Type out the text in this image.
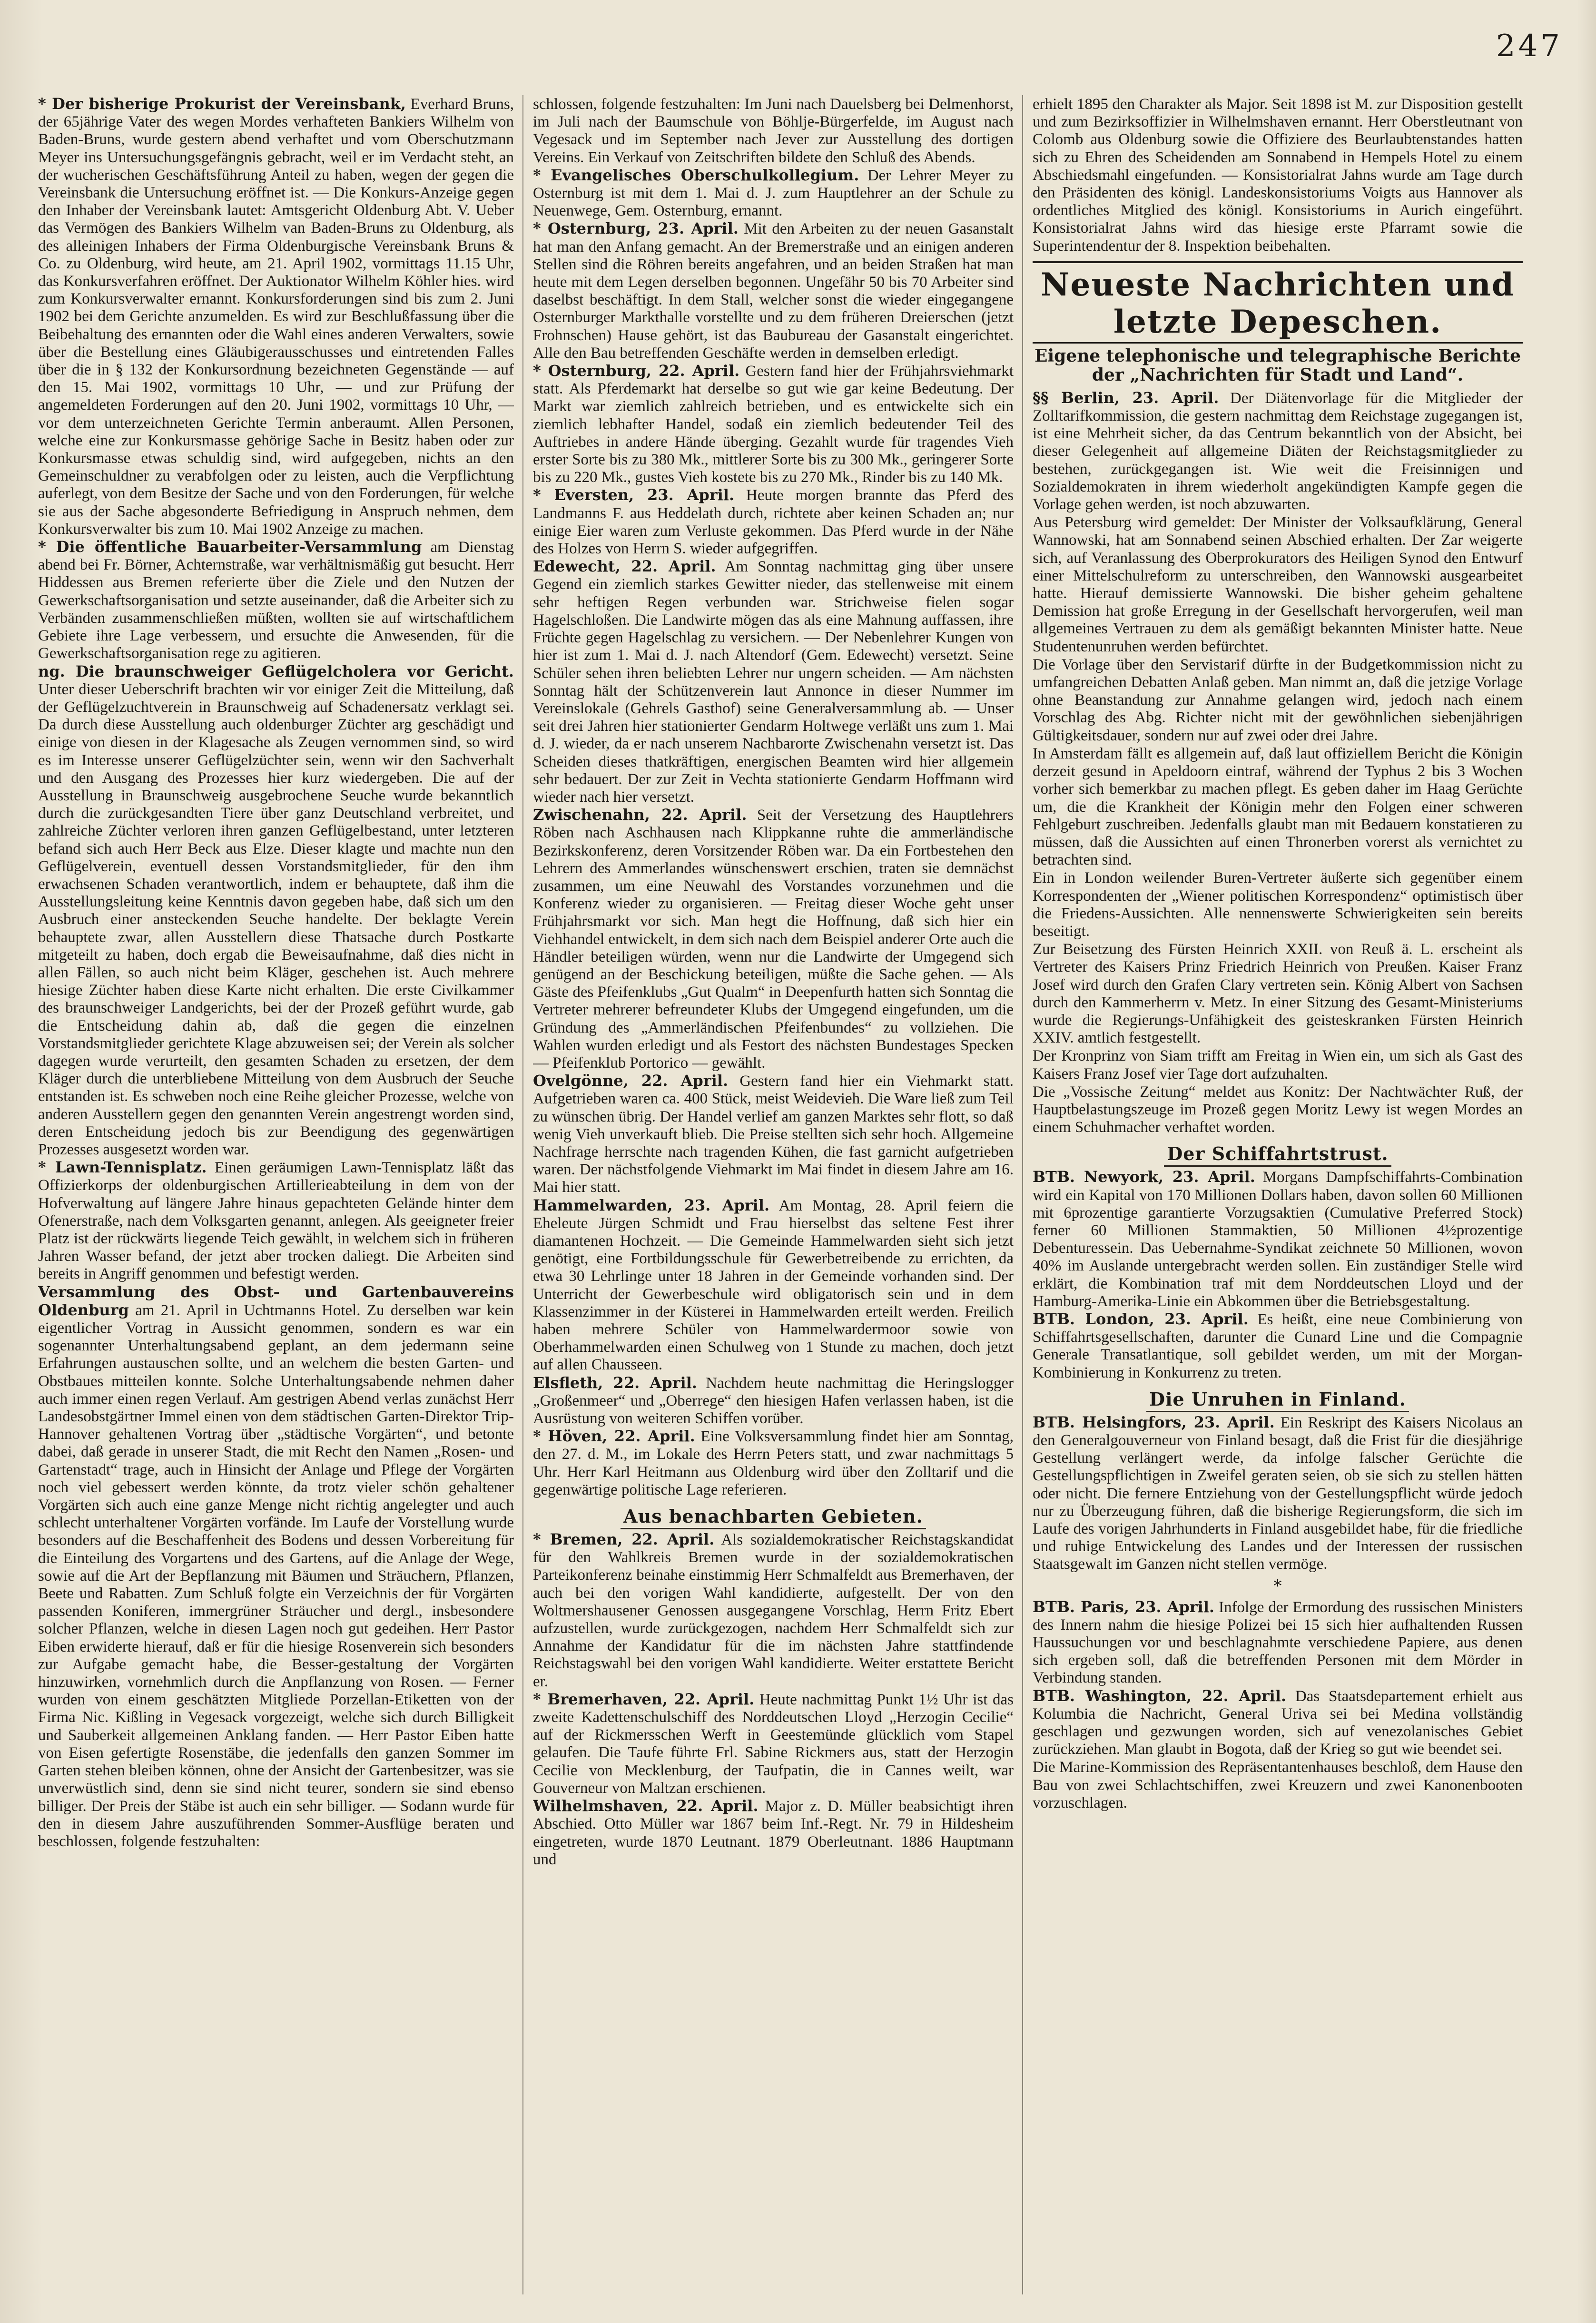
247

* Der bisherige Prokurist der Vereinsbank, Everhard Bruns, der 65jährige Vater des wegen Mordes verhafteten Bankiers Wilhelm von Baden-Bruns, wurde gestern abend verhaftet und vom Oberschutzmann Meyer ins Untersuchungsgefängnis gebracht, weil er im Verdacht steht, an der wucherischen Geschäftsführung Anteil zu haben, wegen der gegen die Vereinsbank die Untersuchung eröffnet ist. — Die Konkurs-Anzeige gegen den Inhaber der Vereinsbank lautet: Amtsgericht Oldenburg Abt. V. Ueber das Vermögen des Bankiers Wilhelm van Baden-Bruns zu Oldenburg, als des alleinigen Inhabers der Firma Oldenburgische Vereinsbank Bruns & Co. zu Oldenburg, wird heute, am 21. April 1902, vormittags 11.15 Uhr, das Konkursverfahren eröffnet. Der Auktionator Wilhelm Köhler hies. wird zum Konkursverwalter ernannt. Konkursforderungen sind bis zum 2. Juni 1902 bei dem Gerichte anzumelden. Es wird zur Beschlußfassung über die Beibehaltung des ernannten oder die Wahl eines anderen Verwalters, sowie über die Bestellung eines Gläubigerausschusses und eintretenden Falles über die in § 132 der Konkursordnung bezeichneten Gegenstände — auf den 15. Mai 1902, vormittags 10 Uhr, — und zur Prüfung der angemeldeten Forderungen auf den 20. Juni 1902, vormittags 10 Uhr, — vor dem unterzeichneten Gerichte Termin anberaumt. Allen Personen, welche eine zur Konkursmasse gehörige Sache in Besitz haben oder zur Konkursmasse etwas schuldig sind, wird aufgegeben, nichts an den Gemeinschuldner zu verabfolgen oder zu leisten, auch die Verpflichtung auferlegt, von dem Besitze der Sache und von den Forderungen, für welche sie aus der Sache abgesonderte Befriedigung in Anspruch nehmen, dem Konkursverwalter bis zum 10. Mai 1902 Anzeige zu machen.

* Die öffentliche Bauarbeiter-Versammlung am Dienstag abend bei Fr. Börner, Achternstraße, war verhältnismäßig gut besucht. Herr Hiddessen aus Bremen referierte über die Ziele und den Nutzen der Gewerkschaftsorganisation und setzte auseinander, daß die Arbeiter sich zu Verbänden zusammenschließen müßten, wollten sie auf wirtschaftlichem Gebiete ihre Lage verbessern, und ersuchte die Anwesenden, für die Gewerkschaftsorganisation rege zu agitieren.

ng. Die braunschweiger Geflügelcholera vor Gericht. Unter dieser Ueberschrift brachten wir vor einiger Zeit die Mitteilung, daß der Geflügelzuchtverein in Braunschweig auf Schadenersatz verklagt sei. Da durch diese Ausstellung auch oldenburger Züchter arg geschädigt und einige von diesen in der Klagesache als Zeugen vernommen sind, so wird es im Interesse unserer Geflügelzüchter sein, wenn wir den Sachverhalt und den Ausgang des Prozesses hier kurz wiedergeben. Die auf der Ausstellung in Braunschweig ausgebrochene Seuche wurde bekanntlich durch die zurückgesandten Tiere über ganz Deutschland verbreitet, und zahlreiche Züchter verloren ihren ganzen Geflügelbestand, unter letzteren befand sich auch Herr Beck aus Elze. Dieser klagte und machte nun den Geflügelverein, eventuell dessen Vorstandsmitglieder, für den ihm erwachsenen Schaden verantwortlich, indem er behauptete, daß ihm die Ausstellungsleitung keine Kenntnis davon gegeben habe, daß sich um den Ausbruch einer ansteckenden Seuche handelte. Der beklagte Verein behauptete zwar, allen Ausstellern diese Thatsache durch Postkarte mitgeteilt zu haben, doch ergab die Beweisaufnahme, daß dies nicht in allen Fällen, so auch nicht beim Kläger, geschehen ist. Auch mehrere hiesige Züchter haben diese Karte nicht erhalten. Die erste Civilkammer des braunschweiger Landgerichts, bei der der Prozeß geführt wurde, gab die Entscheidung dahin ab, daß die gegen die einzelnen Vorstandsmitglieder gerichtete Klage abzuweisen sei; der Verein als solcher dagegen wurde verurteilt, den gesamten Schaden zu ersetzen, der dem Kläger durch die unterbliebene Mitteilung von dem Ausbruch der Seuche entstanden ist. Es schweben noch eine Reihe gleicher Prozesse, welche von anderen Ausstellern gegen den genannten Verein angestrengt worden sind, deren Entscheidung jedoch bis zur Beendigung des gegenwärtigen Prozesses ausgesetzt worden war.

* Lawn-Tennisplatz. Einen geräumigen Lawn-Tennisplatz läßt das Offizierkorps der oldenburgischen Artillerieabteilung in dem von der Hofverwaltung auf längere Jahre hinaus gepachteten Gelände hinter dem Ofenerstraße, nach dem Volksgarten genannt, anlegen. Als geeigneter freier Platz ist der rückwärts liegende Teich gewählt, in welchem sich in früheren Jahren Wasser befand, der jetzt aber trocken daliegt. Die Arbeiten sind bereits in Angriff genommen und befestigt werden.

Versammlung des Obst- und Gartenbauvereins Oldenburg am 21. April in Uchtmanns Hotel. Zu derselben war kein eigentlicher Vortrag in Aussicht genommen, sondern es war ein sogenannter Unterhaltungsabend geplant, an dem jedermann seine Erfahrungen austauschen sollte, und an welchem die besten Garten- und Obstbaues mitteilen konnte. Solche Unterhaltungsabende nehmen daher auch immer einen regen Verlauf. Am gestrigen Abend verlas zunächst Herr Landesobstgärtner Immel einen von dem städtischen Garten-Direktor Trip-Hannover gehaltenen Vortrag über „städtische Vorgärten“, und betonte dabei, daß gerade in unserer Stadt, die mit Recht den Namen „Rosen- und Gartenstadt“ trage, auch in Hinsicht der Anlage und Pflege der Vorgärten noch viel gebessert werden könnte, da trotz vieler schön gehaltener Vorgärten sich auch eine ganze Menge nicht richtig angelegter und auch schlecht unterhaltener Vorgärten vorfände. Im Laufe der Vorstellung wurde besonders auf die Beschaffenheit des Bodens und dessen Vorbereitung für die Einteilung des Vorgartens und des Gartens, auf die Anlage der Wege, sowie auf die Art der Bepflanzung mit Bäumen und Sträuchern, Pflanzen, Beete und Rabatten. Zum Schluß folgte ein Verzeichnis der für Vorgärten passenden Koniferen, immergrüner Sträucher und dergl., insbesondere solcher Pflanzen, welche in diesen Lagen noch gut gedeihen. Herr Pastor Eiben erwiderte hierauf, daß er für die hiesige Rosenverein sich besonders zur Aufgabe gemacht habe, die Besser-gestaltung der Vorgärten hinzuwirken, vornehmlich durch die Anpflanzung von Rosen. — Ferner wurden von einem geschätzten Mitgliede Porzellan-Etiketten von der Firma Nic. Kißling in Vegesack vorgezeigt, welche sich durch Billigkeit und Sauberkeit allgemeinen Anklang fanden. — Herr Pastor Eiben hatte von Eisen gefertigte Rosenstäbe, die jedenfalls den ganzen Sommer im Garten stehen bleiben können, ohne der Ansicht der Gartenbesitzer, was sie unverwüstlich sind, denn sie sind nicht teurer, sondern sie sind ebenso billiger. Der Preis der Stäbe ist auch ein sehr billiger. — Sodann wurde für den in diesem Jahre auszuführenden Sommer-Ausflüge beraten und beschlossen, folgende festzuhalten:

schlossen, folgende festzuhalten: Im Juni nach Dauelsberg bei Delmenhorst, im Juli nach der Baumschule von Böhlje-Bürgerfelde, im August nach Vegesack und im September nach Jever zur Ausstellung des dortigen Vereins. Ein Verkauf von Zeitschriften bildete den Schluß des Abends.

* Evangelisches Oberschulkollegium. Der Lehrer Meyer zu Osternburg ist mit dem 1. Mai d. J. zum Hauptlehrer an der Schule zu Neuenwege, Gem. Osternburg, ernannt.

* Osternburg, 23. April. Mit den Arbeiten zu der neuen Gasanstalt hat man den Anfang gemacht. An der Bremerstraße und an einigen anderen Stellen sind die Röhren bereits angefahren, und an beiden Straßen hat man heute mit dem Legen derselben begonnen. Ungefähr 50 bis 70 Arbeiter sind daselbst beschäftigt. In dem Stall, welcher sonst die wieder eingegangene Osternburger Markthalle vorstellte und zu dem früheren Dreierschen (jetzt Frohnschen) Hause gehört, ist das Baubureau der Gasanstalt eingerichtet. Alle den Bau betreffenden Geschäfte werden in demselben erledigt.

* Osternburg, 22. April. Gestern fand hier der Frühjahrsviehmarkt statt. Als Pferdemarkt hat derselbe so gut wie gar keine Bedeutung. Der Markt war ziemlich zahlreich betrieben, und es entwickelte sich ein ziemlich lebhafter Handel, sodaß ein ziemlich bedeutender Teil des Auftriebes in andere Hände überging. Gezahlt wurde für tragendes Vieh erster Sorte bis zu 380 Mk., mittlerer Sorte bis zu 300 Mk., geringerer Sorte bis zu 220 Mk., gustes Vieh kostete bis zu 270 Mk., Rinder bis zu 140 Mk.

* Eversten, 23. April. Heute morgen brannte das Pferd des Landmanns F. aus Heddelath durch, richtete aber keinen Schaden an; nur einige Eier waren zum Verluste gekommen. Das Pferd wurde in der Nähe des Holzes von Herrn S. wieder aufgegriffen.

Edewecht, 22. April. Am Sonntag nachmittag ging über unsere Gegend ein ziemlich starkes Gewitter nieder, das stellenweise mit einem sehr heftigen Regen verbunden war. Strichweise fielen sogar Hagelschloßen. Die Landwirte mögen das als eine Mahnung auffassen, ihre Früchte gegen Hagelschlag zu versichern. — Der Nebenlehrer Kungen von hier ist zum 1. Mai d. J. nach Altendorf (Gem. Edewecht) versetzt. Seine Schüler sehen ihren beliebten Lehrer nur ungern scheiden. — Am nächsten Sonntag hält der Schützenverein laut Annonce in dieser Nummer im Vereinslokale (Gehrels Gasthof) seine Generalversammlung ab. — Unser seit drei Jahren hier stationierter Gendarm Holtwege verläßt uns zum 1. Mai d. J. wieder, da er nach unserem Nachbarorte Zwischenahn versetzt ist. Das Scheiden dieses thatkräftigen, energischen Beamten wird hier allgemein sehr bedauert. Der zur Zeit in Vechta stationierte Gendarm Hoffmann wird wieder nach hier versetzt.

Zwischenahn, 22. April. Seit der Versetzung des Hauptlehrers Röben nach Aschhausen nach Klippkanne ruhte die ammerländische Bezirkskonferenz, deren Vorsitzender Röben war. Da ein Fortbestehen den Lehrern des Ammerlandes wünschenswert erschien, traten sie demnächst zusammen, um eine Neuwahl des Vorstandes vorzunehmen und die Konferenz wieder zu organisieren. — Freitag dieser Woche geht unser Frühjahrsmarkt vor sich. Man hegt die Hoffnung, daß sich hier ein Viehhandel entwickelt, in dem sich nach dem Beispiel anderer Orte auch die Händler beteiligen würden, wenn nur die Landwirte der Umgegend sich genügend an der Beschickung beteiligen, müßte die Sache gehen. — Als Gäste des Pfeifenklubs „Gut Qualm“ in Deepenfurth hatten sich Sonntag die Vertreter mehrerer befreundeter Klubs der Umgegend eingefunden, um die Gründung des „Ammerländischen Pfeifenbundes“ zu vollziehen. Die Wahlen wurden erledigt und als Festort des nächsten Bundestages Specken — Pfeifenklub Portorico — gewählt.

Ovelgönne, 22. April. Gestern fand hier ein Viehmarkt statt. Aufgetrieben waren ca. 400 Stück, meist Weidevieh. Die Ware ließ zum Teil zu wünschen übrig. Der Handel verlief am ganzen Marktes sehr flott, so daß wenig Vieh unverkauft blieb. Die Preise stellten sich sehr hoch. Allgemeine Nachfrage herrschte nach tragenden Kühen, die fast garnicht aufgetrieben waren. Der nächstfolgende Viehmarkt im Mai findet in diesem Jahre am 16. Mai hier statt.

Hammelwarden, 23. April. Am Montag, 28. April feiern die Eheleute Jürgen Schmidt und Frau hierselbst das seltene Fest ihrer diamantenen Hochzeit. — Die Gemeinde Hammelwarden sieht sich jetzt genötigt, eine Fortbildungsschule für Gewerbetreibende zu errichten, da etwa 30 Lehrlinge unter 18 Jahren in der Gemeinde vorhanden sind. Der Unterricht der Gewerbeschule wird obligatorisch sein und in dem Klassenzimmer in der Küsterei in Hammelwarden erteilt werden. Freilich haben mehrere Schüler von Hammelwardermoor sowie von Oberhammelwarden einen Schulweg von 1 Stunde zu machen, doch jetzt auf allen Chausseen.

Elsfleth, 22. April. Nachdem heute nachmittag die Heringslogger „Großenmeer“ und „Oberrege“ den hiesigen Hafen verlassen haben, ist die Ausrüstung von weiteren Schiffen vorüber.

* Höven, 22. April. Eine Volksversammlung findet hier am Sonntag, den 27. d. M., im Lokale des Herrn Peters statt, und zwar nachmittags 5 Uhr. Herr Karl Heitmann aus Oldenburg wird über den Zolltarif und die gegenwärtige politische Lage referieren.

Aus benachbarten Gebieten.

* Bremen, 22. April. Als sozialdemokratischer Reichstagskandidat für den Wahlkreis Bremen wurde in der sozialdemokratischen Parteikonferenz beinahe einstimmig Herr Schmalfeldt aus Bremerhaven, der auch bei den vorigen Wahl kandidierte, aufgestellt. Der von den Woltmershausener Genossen ausgegangene Vorschlag, Herrn Fritz Ebert aufzustellen, wurde zurückgezogen, nachdem Herr Schmalfeldt sich zur Annahme der Kandidatur für die im nächsten Jahre stattfindende Reichstagswahl bei den vorigen Wahl kandidierte. Weiter erstattete Bericht er.

* Bremerhaven, 22. April. Heute nachmittag Punkt 1½ Uhr ist das zweite Kadettenschulschiff des Norddeutschen Lloyd „Herzogin Cecilie“ auf der Rickmersschen Werft in Geestemünde glücklich vom Stapel gelaufen. Die Taufe führte Frl. Sabine Rickmers aus, statt der Herzogin Cecilie von Mecklenburg, der Taufpatin, die in Cannes weilt, war Gouverneur von Maltzan erschienen.

Wilhelmshaven, 22. April. Major z. D. Müller beabsichtigt ihren Abschied. Otto Müller war 1867 beim Inf.-Regt. Nr. 79 in Hildesheim eingetreten, wurde 1870 Leutnant. 1879 Oberleutnant. 1886 Hauptmann und

erhielt 1895 den Charakter als Major. Seit 1898 ist M. zur Disposition gestellt und zum Bezirksoffizier in Wilhelmshaven ernannt. Herr Oberstleutnant von Colomb aus Oldenburg sowie die Offiziere des Beurlaubtenstandes hatten sich zu Ehren des Scheidenden am Sonnabend in Hempels Hotel zu einem Abschiedsmahl eingefunden. — Konsistorialrat Jahns wurde am Tage durch den Präsidenten des königl. Landeskonsistoriums Voigts aus Hannover als ordentliches Mitglied des königl. Konsistoriums in Aurich eingeführt. Konsistorialrat Jahns wird das hiesige erste Pfarramt sowie die Superintendentur der 8. Inspektion beibehalten.

Neueste Nachrichten und letzte Depeschen.
Eigene telephonische und telegraphische Berichte der „Nachrichten für Stadt und Land“.

§§ Berlin, 23. April. Der Diätenvorlage für die Mitglieder der Zolltarifkommission, die gestern nachmittag dem Reichstage zugegangen ist, ist eine Mehrheit sicher, da das Centrum bekanntlich von der Absicht, bei dieser Gelegenheit auf allgemeine Diäten der Reichstagsmitglieder zu bestehen, zurückgegangen ist. Wie weit die Freisinnigen und Sozialdemokraten in ihrem wiederholt angekündigten Kampfe gegen die Vorlage gehen werden, ist noch abzuwarten.

Aus Petersburg wird gemeldet: Der Minister der Volksaufklärung, General Wannowski, hat am Sonnabend seinen Abschied erhalten. Der Zar weigerte sich, auf Veranlassung des Oberprokurators des Heiligen Synod den Entwurf einer Mittelschulreform zu unterschreiben, den Wannowski ausgearbeitet hatte. Hierauf demissierte Wannowski. Die bisher geheim gehaltene Demission hat große Erregung in der Gesellschaft hervorgerufen, weil man allgemeines Vertrauen zu dem als gemäßigt bekannten Minister hatte. Neue Studentenunruhen werden befürchtet.

Die Vorlage über den Servistarif dürfte in der Budgetkommission nicht zu umfangreichen Debatten Anlaß geben. Man nimmt an, daß die jetzige Vorlage ohne Beanstandung zur Annahme gelangen wird, jedoch nach einem Vorschlag des Abg. Richter nicht mit der gewöhnlichen siebenjährigen Gültigkeitsdauer, sondern nur auf zwei oder drei Jahre.

In Amsterdam fällt es allgemein auf, daß laut offiziellem Bericht die Königin derzeit gesund in Apeldoorn eintraf, während der Typhus 2 bis 3 Wochen vorher sich bemerkbar zu machen pflegt. Es geben daher im Haag Gerüchte um, die die Krankheit der Königin mehr den Folgen einer schweren Fehlgeburt zuschreiben. Jedenfalls glaubt man mit Bedauern konstatieren zu müssen, daß die Aussichten auf einen Thronerben vorerst als vernichtet zu betrachten sind.

Ein in London weilender Buren-Vertreter äußerte sich gegenüber einem Korrespondenten der „Wiener politischen Korrespondenz“ optimistisch über die Friedens-Aussichten. Alle nennenswerte Schwierigkeiten sein bereits beseitigt.

Zur Beisetzung des Fürsten Heinrich XXII. von Reuß ä. L. erscheint als Vertreter des Kaisers Prinz Friedrich Heinrich von Preußen. Kaiser Franz Josef wird durch den Grafen Clary vertreten sein. König Albert von Sachsen durch den Kammerherrn v. Metz. In einer Sitzung des Gesamt-Ministeriums wurde die Regierungs-Unfähigkeit des geisteskranken Fürsten Heinrich XXIV. amtlich festgestellt.

Der Kronprinz von Siam trifft am Freitag in Wien ein, um sich als Gast des Kaisers Franz Josef vier Tage dort aufzuhalten.

Die „Vossische Zeitung“ meldet aus Konitz: Der Nachtwächter Ruß, der Hauptbelastungszeuge im Prozeß gegen Moritz Lewy ist wegen Mordes an einem Schuhmacher verhaftet worden.

Der Schiffahrtstrust.

BTB. Newyork, 23. April. Morgans Dampfschiffahrts-Combination wird ein Kapital von 170 Millionen Dollars haben, davon sollen 60 Millionen mit 6prozentige garantierte Vorzugsaktien (Cumulative Preferred Stock) ferner 60 Millionen Stammaktien, 50 Millionen 4½prozentige Debenturessein. Das Uebernahme-Syndikat zeichnete 50 Millionen, wovon 40% im Auslande untergebracht werden sollen. Ein zuständiger Stelle wird erklärt, die Kombination traf mit dem Norddeutschen Lloyd und der Hamburg-Amerika-Linie ein Abkommen über die Betriebsgestaltung.

BTB. London, 23. April. Es heißt, eine neue Combinierung von Schiffahrtsgesellschaften, darunter die Cunard Line und die Compagnie Generale Transatlantique, soll gebildet werden, um mit der Morgan-Kombinierung in Konkurrenz zu treten.

Die Unruhen in Finland.

BTB. Helsingfors, 23. April. Ein Reskript des Kaisers Nicolaus an den Generalgouverneur von Finland besagt, daß die Frist für die diesjährige Gestellung verlängert werde, da infolge falscher Gerüchte die Gestellungspflichtigen in Zweifel geraten seien, ob sie sich zu stellen hätten oder nicht. Die fernere Entziehung von der Gestellungspflicht würde jedoch nur zu Überzeugung führen, daß die bisherige Regierungsform, die sich im Laufe des vorigen Jahrhunderts in Finland ausgebildet habe, für die friedliche und ruhige Entwickelung des Landes und der Interessen der russischen Staatsgewalt im Ganzen nicht stellen vermöge.

*

BTB. Paris, 23. April. Infolge der Ermordung des russischen Ministers des Innern nahm die hiesige Polizei bei 15 sich hier aufhaltenden Russen Haussuchungen vor und beschlagnahmte verschiedene Papiere, aus denen sich ergeben soll, daß die betreffenden Personen mit dem Mörder in Verbindung standen.

BTB. Washington, 22. April. Das Staatsdepartement erhielt aus Kolumbia die Nachricht, General Uriva sei bei Medina vollständig geschlagen und gezwungen worden, sich auf venezolanisches Gebiet zurückziehen. Man glaubt in Bogota, daß der Krieg so gut wie beendet sei.

Die Marine-Kommission des Repräsentantenhauses beschloß, dem Hause den Bau von zwei Schlachtschiffen, zwei Kreuzern und zwei Kanonenbooten vorzuschlagen.
